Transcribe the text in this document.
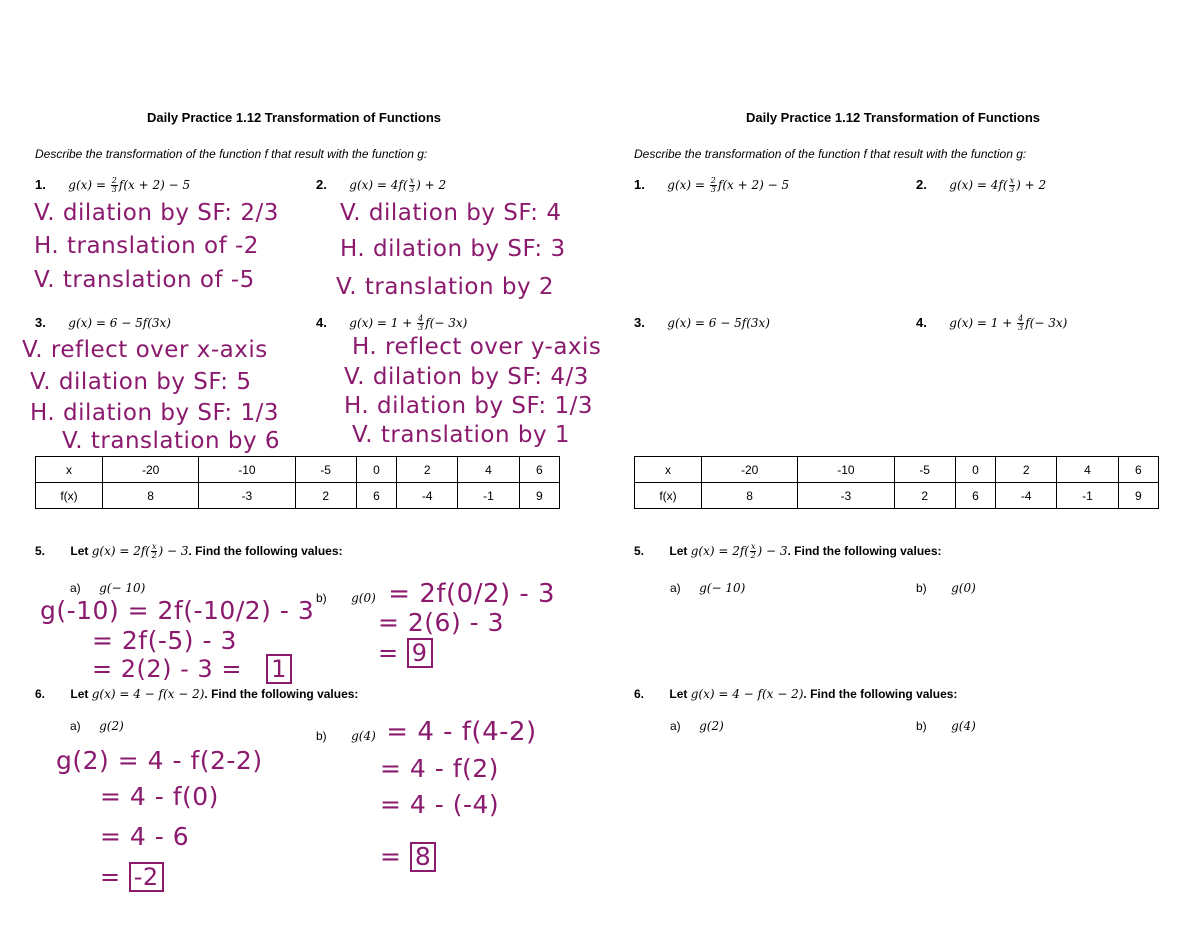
Daily Practice 1.12 Transformation of Functions
Describe the transformation of the function f that result with the function g:
1. $g(x) = \frac{2}{3} f(x + 2) - 5$	2. $g(x) = 4f( \frac{x}{3}$ ) + 2
V. dilation by SF: 2/3
H. translation of -2
V. translation of -5
V. dilation by SF: 4
H. dilation by SF: 3
V. translation by 2
3. g(x) = 6 − 5f(3x)	4. $g(x) = 1 + \frac{4}{3} f(- 3x)$
V. reflect over x-axis
V. dilation by SF: 5
H. dilation by SF: 1/3
V. translation by 6
H. reflect over y-axis
V. dilation by SF: 4/3
H. dilation by SF: 1/3
V. translation by 1
x	-20	-10	-5	0	2	4	6
f(x)	8	-3	2	6	-4	-1	9
5. Let $g(x) = 2f( \frac{x}{2}$ ) − 3. Find the following values:
a) g(− 10)
b) g(0) = 2f(0/2) - 3
g(-10) = 2f(-10/2) - 3
= 2f(-5) - 3
= 2(2) - 3 = 1
= 2(6) - 3
= 9
6. Let g(x) = 4 − f(x − 2). Find the following values:
a) g(2)
b) g(4) = 4 - f(4-2)
g(2) = 4 - f(2-2)
= 4 - f(0)
= 4 - 6
= -2
= 4 - f(2)
= 4 - (-4)
= 8
Daily Practice 1.12 Transformation of Functions
Describe the transformation of the function f that result with the function g:
1. $g(x) = \frac{2}{3} f(x + 2) - 5$	2. $g(x) = 4f( \frac{x}{3}$ ) + 2
3. g(x) = 6 − 5f(3x)	4. $g(x) = 1 + \frac{4}{3} f(- 3x)$
x	-20	-10	-5	0	2	4	6
f(x)	8	-3	2	6	-4	-1	9
5. Let $g(x) = 2f( \frac{x}{2}$ ) − 3. Find the following values:
a) g(− 10)	b) g(0)
6. Let g(x) = 4 − f(x − 2). Find the following values:
a) g(2)	b) g(4)
